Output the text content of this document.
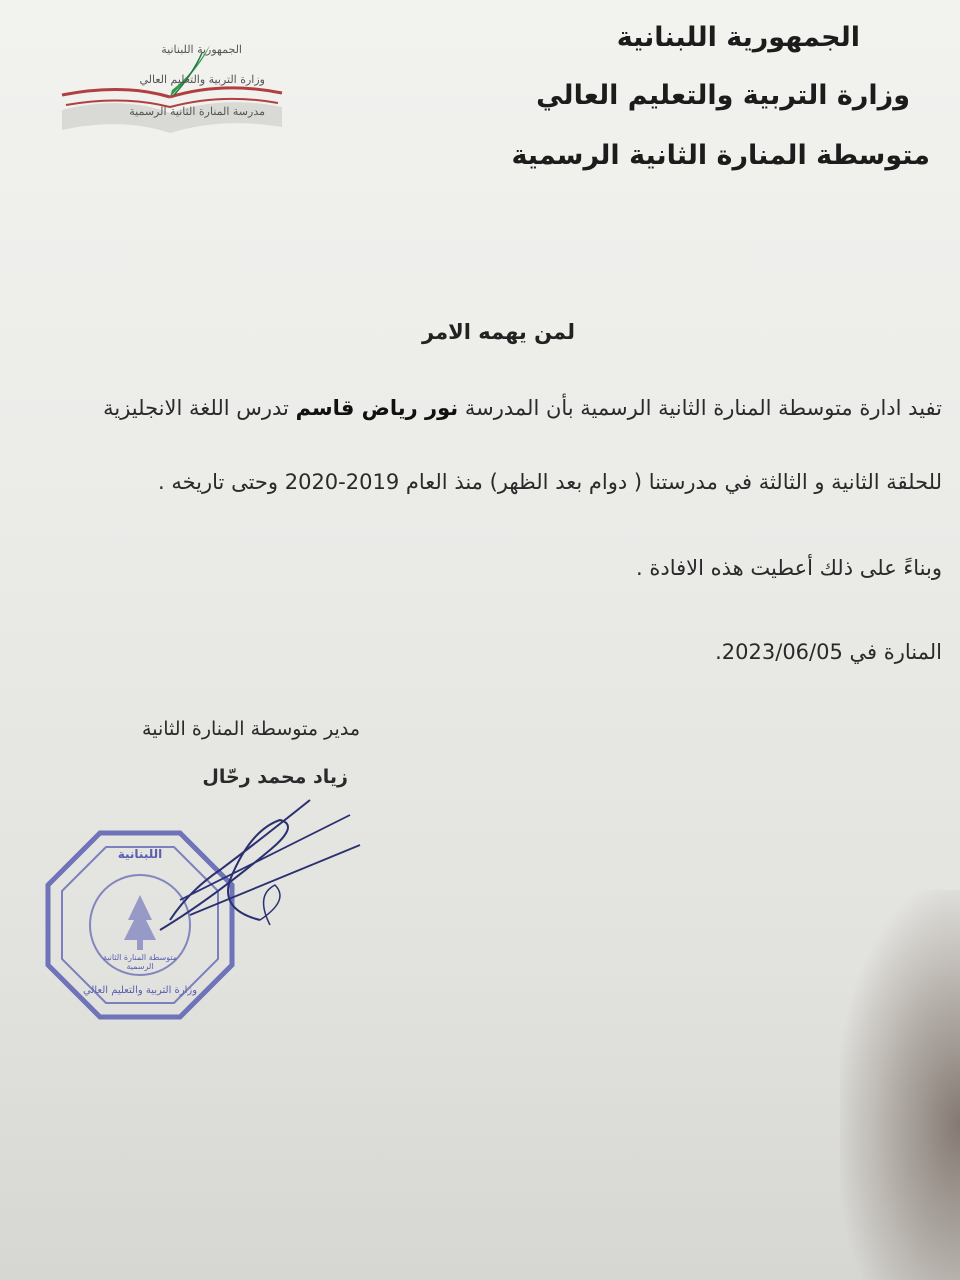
الجمهورية اللبنانية
وزارة التربية والتعليم العالي
متوسطة المنارة الثانية الرسمية
الجمهورية اللبنانية
وزارة التربية والتعليم العالي
مدرسة المنارة الثانية الرسمية
لمن يهمه الامر
تفيد ادارة متوسطة المنارة الثانية الرسمية بأن المدرسة نور رياض قاسم تدرس اللغة الانجليزية
للحلقة الثانية و الثالثة في مدرستنا ( دوام بعد الظهر) منذ العام 2019-2020 وحتى تاريخه .
وبناءً على ذلك أعطيت هذه الافادة .
المنارة في 2023/06/05.
مدير متوسطة المنارة الثانية
زياد محمد رحّال
اللبنانية
متوسطة المنارة الثانية الرسمية
وزارة التربية والتعليم العالي
